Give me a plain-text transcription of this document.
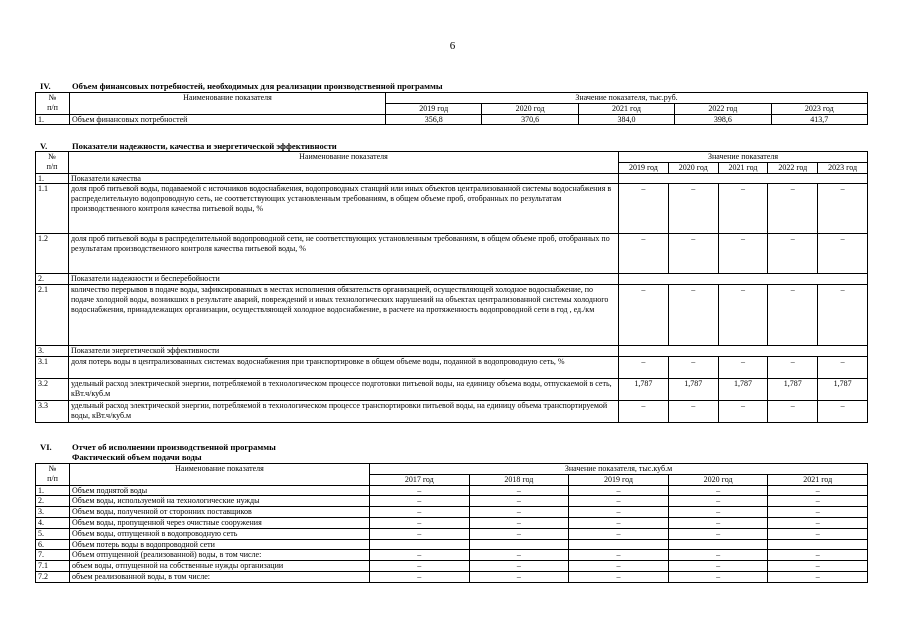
6
IV. Объем финансовых потребностей, необходимых для реализации производственной программы
№
п/п	Наименование показателя	Значение показателя, тыс.руб.				
		2019 год	2020 год	2021 год	2022 год	2023 год
1.	Объем финансовых потребностей	356,8	370,6	384,0	398,6	413,7
V.	Показатели надежности, качества и энергетической эффективности
№
п/п	Наименование показателя	Значение показателя				
		2019 год	2020 год	2021 год	2022 год	2023 год
1.	Показатели качества					
1.1	доля проб питьевой воды, подаваемой с источников водоснабжения, водопроводных станций или иных объектов централизованной системы водоснабжения в распределительную водопроводную сеть, не соответствующих установленным требованиям, в общем объеме проб, отобранных по результатам производственного контроля качества питьевой воды, %	–	–	–	–	–
1.2	доля проб питьевой воды в распределительной водопроводной сети, не соответствующих установленным требованиям, в общем объеме проб, отобранных по результатам производственного контроля качества питьевой воды, %	–	–	–	–	–
2.	Показатели надежности и бесперебойности					
2.1	количество перерывов в подаче воды, зафиксированных в местах исполнения обязательств организацией, осуществляющей холодное водоснабжение, по подаче холодной воды, возникших в результате аварий, повреждений и иных технологических нарушений на объектах централизованной системы холодного водоснабжения, принадлежащих организации, осуществляющей холодное водоснабжение, в расчете на протяженность водопроводной сети в год , ед./км	–	–	–	–	–
3.	Показатели энергетической эффективности					
3.1	доля потерь воды в централизованных системах водоснабжения при транспортировке в общем объеме воды, поданной в водопроводную сеть, %	–	–	–	–	–
3.2	удельный расход электрической энергии, потребляемой в технологическом процессе подготовки питьевой воды, на единицу объема воды, отпускаемой в сеть, кВт.ч/куб.м	1,787	1,787	1,787	1,787	1,787
3.3	удельный расход электрической энергии, потребляемой в технологическом процессе транспортировки питьевой воды, на единицу объема транспортируемой воды, кВт.ч/куб.м	–	–	–	–	–
VI. Отчет об исполнении производственной программы
Фактический объем подачи воды
№
п/п	Наименование показателя	Значение показателя, тыс.куб.м				
		2017 год	2018 год	2019 год	2020 год	2021 год
1.	Объем поднятой воды	–	–	–	–	–
2.	Объем воды, используемой на технологические нужды	–	–	–	–	–
3.	Объем воды, полученной от сторонних поставщиков	–	–	–	–	–
4.	Объем воды, пропущенной через очистные сооружения	–	–	–	–	–
5.	Объем воды, отпущенной в водопроводную сеть	–	–	–	–	–
6.	Объем потерь воды в водопроводной сети					
7.	Объем отпущенной (реализованной) воды, в том числе:	–	–	–	–	–
7.1	объем воды, отпущенной на собственные нужды организации	–	–	–	–	–
7.2	объем реализованной воды, в том числе:	–	–	–	–	–
